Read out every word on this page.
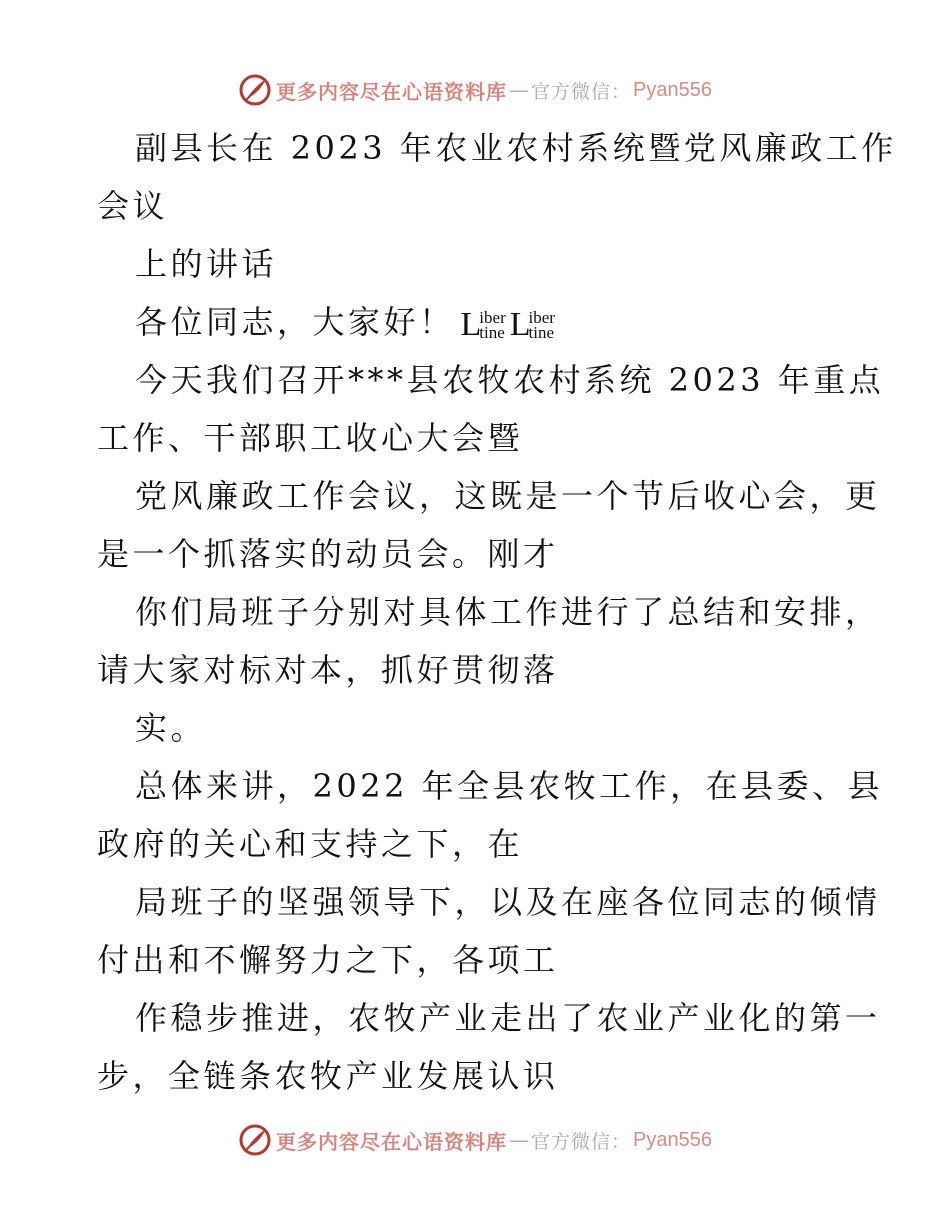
更多内容尽在心语资料库 — 官方微信： Pyan556
副县长在 2023 年农业农村系统暨党风廉政工作
会议
上的讲话
各位同志，大家好！ L
iber
tine L
iber
tine
今天我们召开***县农牧农村系统 2023 年重点
工作、干部职工收心大会暨
党风廉政工作会议，这既是一个节后收心会，更
是一个抓落实的动员会。刚才
你们局班子分别对具体工作进行了总结和安排，
请大家对标对本，抓好贯彻落
实。
总体来讲，2022 年全县农牧工作，在县委、县
政府的关心和支持之下，在
局班子的坚强领导下，以及在座各位同志的倾情
付出和不懈努力之下，各项工
作稳步推进，农牧产业走出了农业产业化的第一
步，全链条农牧产业发展认识
更多内容尽在心语资料库 — 官方微信： Pyan556
